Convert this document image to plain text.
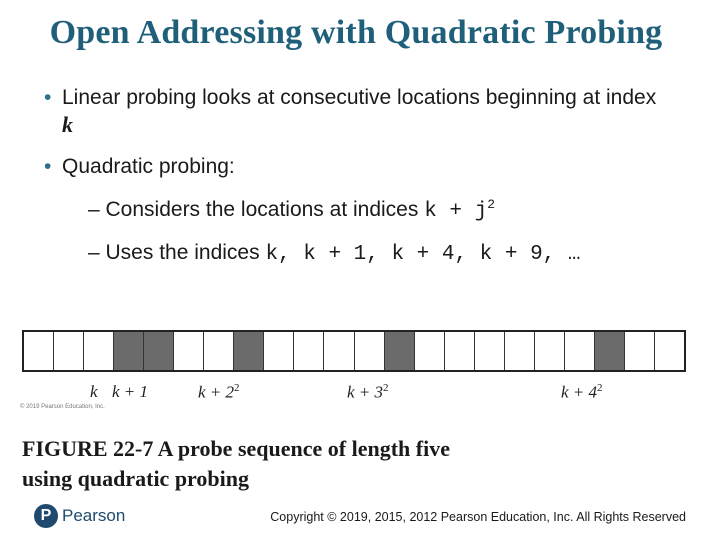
Open Addressing with Quadratic Probing
• Linear probing looks at consecutive locations beginning at index
k
• Quadratic probing:
– Considers the locations at indices $k + j^2$
– Uses the indices k, k + 1, k + 4, k + 9, …
k k + 1	$k + 2^2$	$k + 3^2$	$k + 4^2$
© 2019 Pearson Education, Inc.
FIGURE 22-7 A probe sequence of length five using quadratic probing
P Pearson	Copyright © 2019, 2015, 2012 Pearson Education, Inc. All Rights Reserved
